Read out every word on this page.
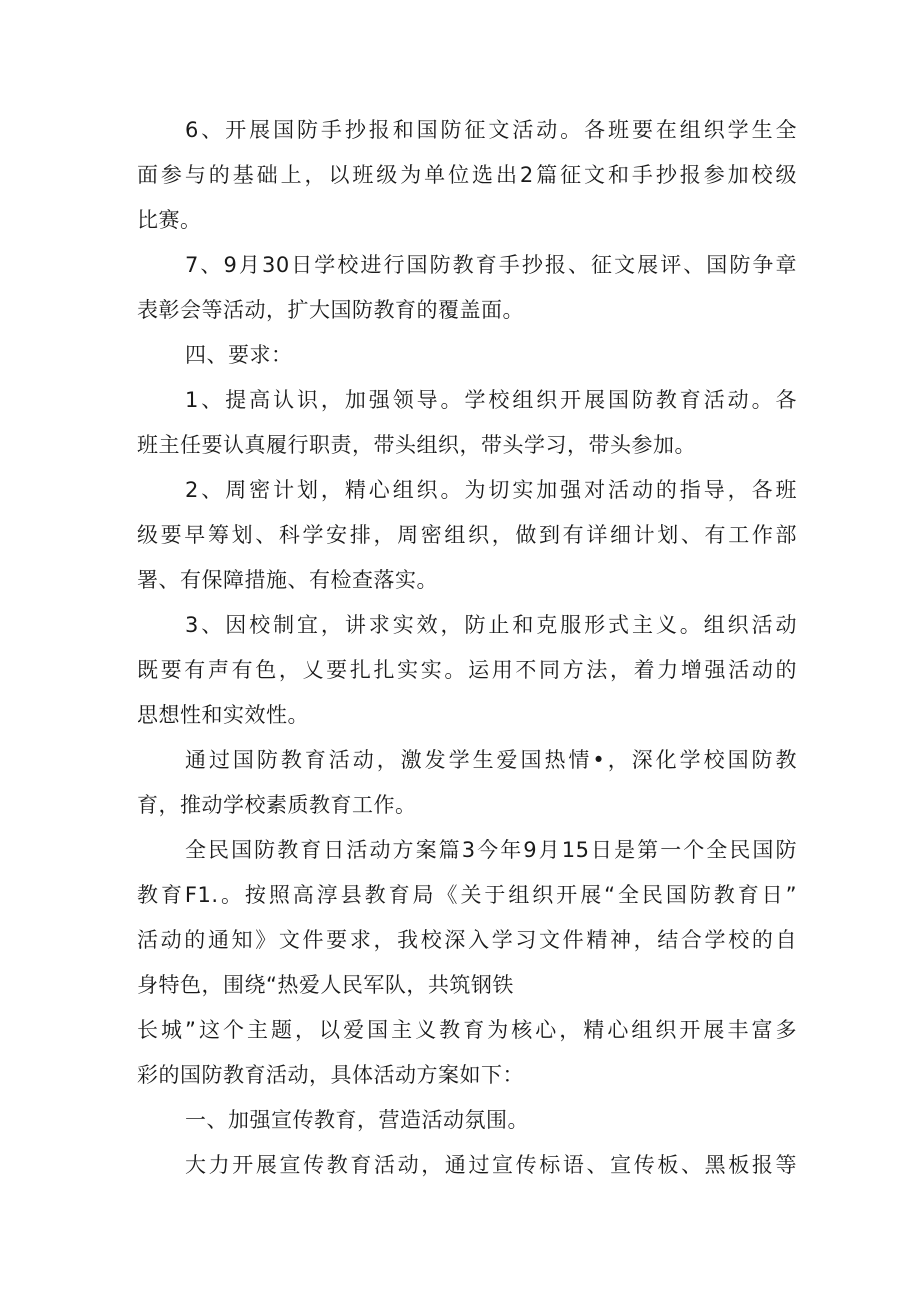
6、开展国防手抄报和国防征文活动。各班要在组织学生全
面参与的基础上，以班级为单位选出2篇征文和手抄报参加校级
比赛。
7、9月30日学校进行国防教育手抄报、征文展评、国防争章
表彰会等活动，扩大国防教育的覆盖面。
四、要求：
1、提高认识，加强领导。学校组织开展国防教育活动。各
班主任要认真履行职责，带头组织，带头学习，带头参加。
2、周密计划，精心组织。为切实加强对活动的指导，各班
级要早筹划、科学安排，周密组织，做到有详细计划、有工作部
署、有保障措施、有检查落实。
3、因校制宜，讲求实效，防止和克服形式主义。组织活动
既要有声有色，乂要扎扎实实。运用不同方法，着力增强活动的
思想性和实效性。
通过国防教育活动，激发学生爱国热情•，深化学校国防教
育，推动学校素质教育工作。
全民国防教育日活动方案篇3今年9月15日是第一个全民国防
教育F1.。按照高淳县教育局《关于组织开展“全民国防教育日”
活动的通知》文件要求，我校深入学习文件精神，结合学校的自
身特色，围绕“热爱人民军队，共筑钢铁
长城”这个主题，以爱国主义教育为核心，精心组织开展丰富多
彩的国防教育活动，具体活动方案如下：
一、加强宣传教育，营造活动氛围。
大力开展宣传教育活动，通过宣传标语、宣传板、黑板报等
